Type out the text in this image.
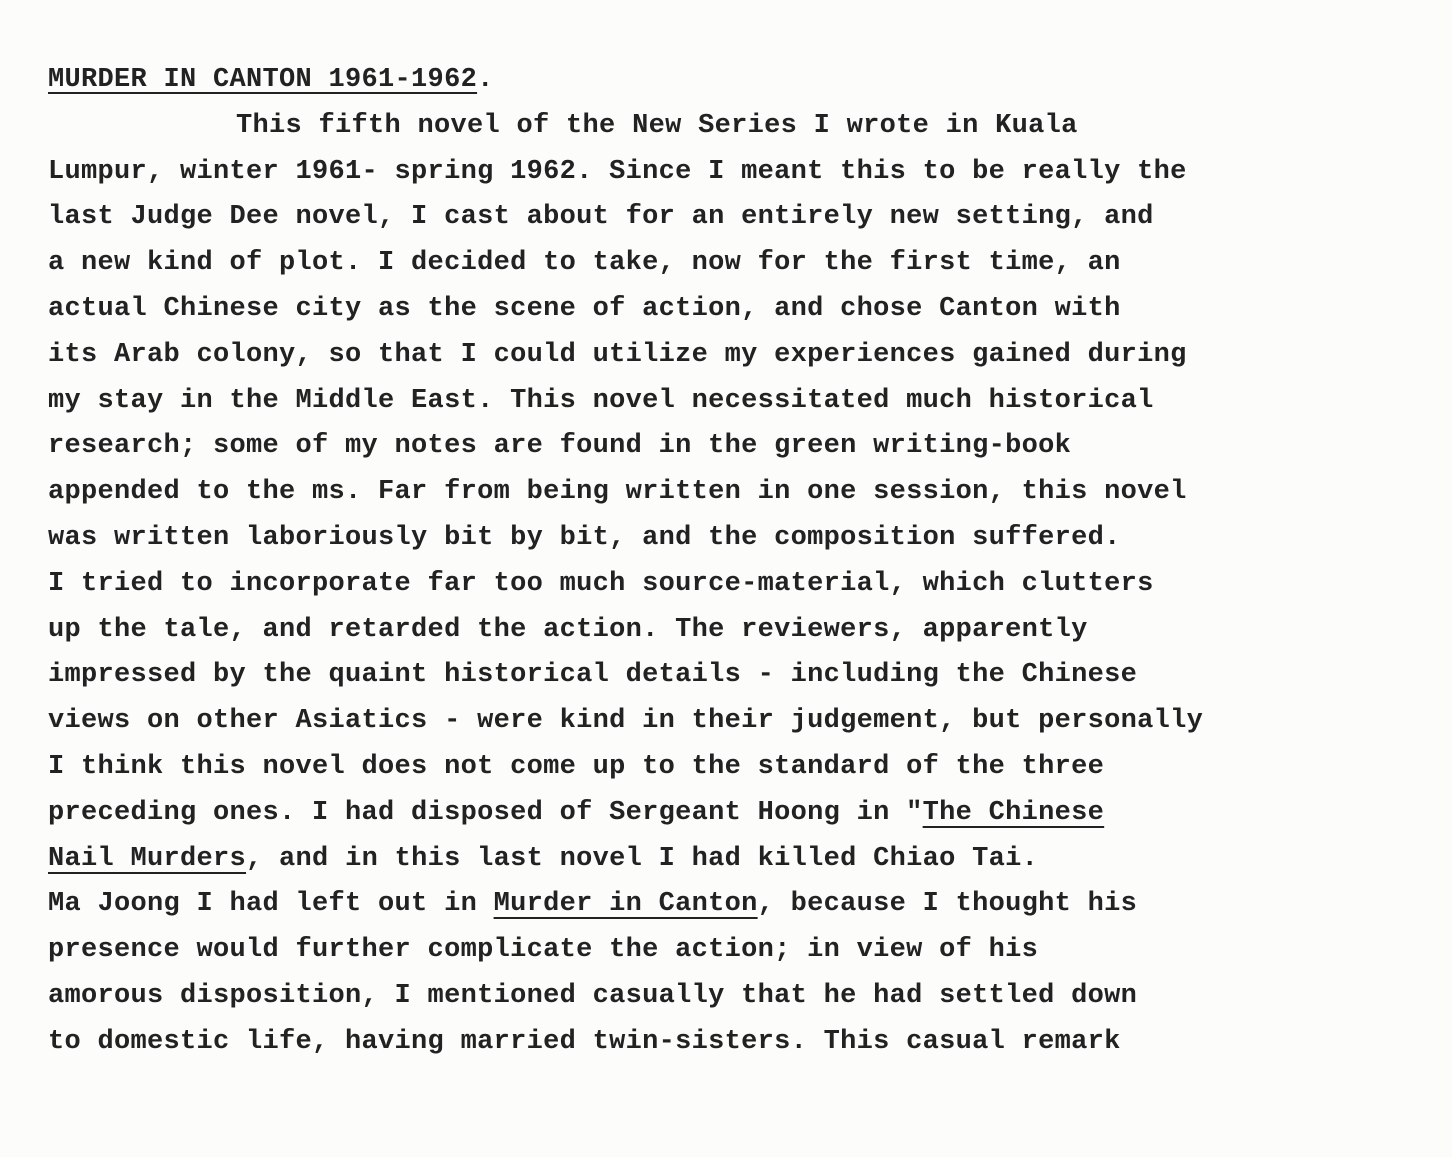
MURDER IN CANTON 1961-1962.
This fifth novel of the New Series I wrote in Kuala
Lumpur, winter 1961- spring 1962. Since I meant this to be really the
last Judge Dee novel, I cast about for an entirely new setting, and
a new kind of plot. I decided to take, now for the first time, an
actual Chinese city as the scene of action, and chose Canton with
its Arab colony, so that I could utilize my experiences gained during
my stay in the Middle East. This novel necessitated much historical
research; some of my notes are found in the green writing-book
appended to the ms. Far from being written in one session, this novel
was written laboriously bit by bit, and the composition suffered.
I tried to incorporate far too much source-material, which clutters
up the tale, and retarded the action. The reviewers, apparently
impressed by the quaint historical details - including the Chinese
views on other Asiatics - were kind in their judgement, but personally
I think this novel does not come up to the standard of the three
preceding ones. I had disposed of Sergeant Hoong in "The Chinese
Nail Murders, and in this last novel I had killed Chiao Tai.
Ma Joong I had left out in Murder in Canton, because I thought his
presence would further complicate the action; in view of his
amorous disposition, I mentioned casually that he had settled down
to domestic life, having married twin-sisters. This casual remark
